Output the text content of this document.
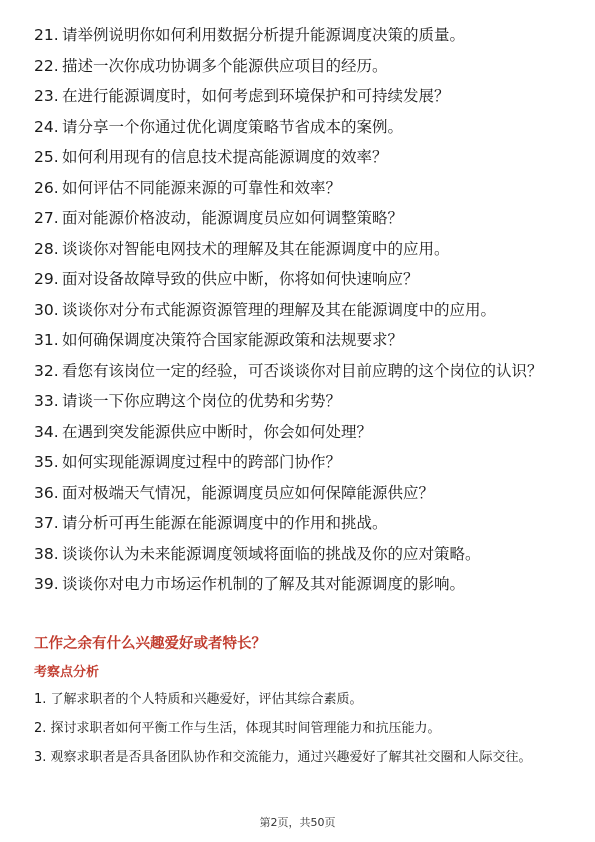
21. 请举例说明你如何利用数据分析提升能源调度决策的质量。
22. 描述一次你成功协调多个能源供应项目的经历。
23. 在进行能源调度时，如何考虑到环境保护和可持续发展？
24. 请分享一个你通过优化调度策略节省成本的案例。
25. 如何利用现有的信息技术提高能源调度的效率？
26. 如何评估不同能源来源的可靠性和效率？
27. 面对能源价格波动，能源调度员应如何调整策略？
28. 谈谈你对智能电网技术的理解及其在能源调度中的应用。
29. 面对设备故障导致的供应中断，你将如何快速响应？
30. 谈谈你对分布式能源资源管理的理解及其在能源调度中的应用。
31. 如何确保调度决策符合国家能源政策和法规要求？
32. 看您有该岗位一定的经验，可否谈谈你对目前应聘的这个岗位的认识？
33. 请谈一下你应聘这个岗位的优势和劣势？
34. 在遇到突发能源供应中断时，你会如何处理？
35. 如何实现能源调度过程中的跨部门协作？
36. 面对极端天气情况，能源调度员应如何保障能源供应？
37. 请分析可再生能源在能源调度中的作用和挑战。
38. 谈谈你认为未来能源调度领域将面临的挑战及你的应对策略。
39. 谈谈你对电力市场运作机制的了解及其对能源调度的影响。
工作之余有什么兴趣爱好或者特长？
考察点分析
1. 了解求职者的个人特质和兴趣爱好，评估其综合素质。
2. 探讨求职者如何平衡工作与生活，体现其时间管理能力和抗压能力。
3. 观察求职者是否具备团队协作和交流能力，通过兴趣爱好了解其社交圈和人际交往。
第2页，共50页
